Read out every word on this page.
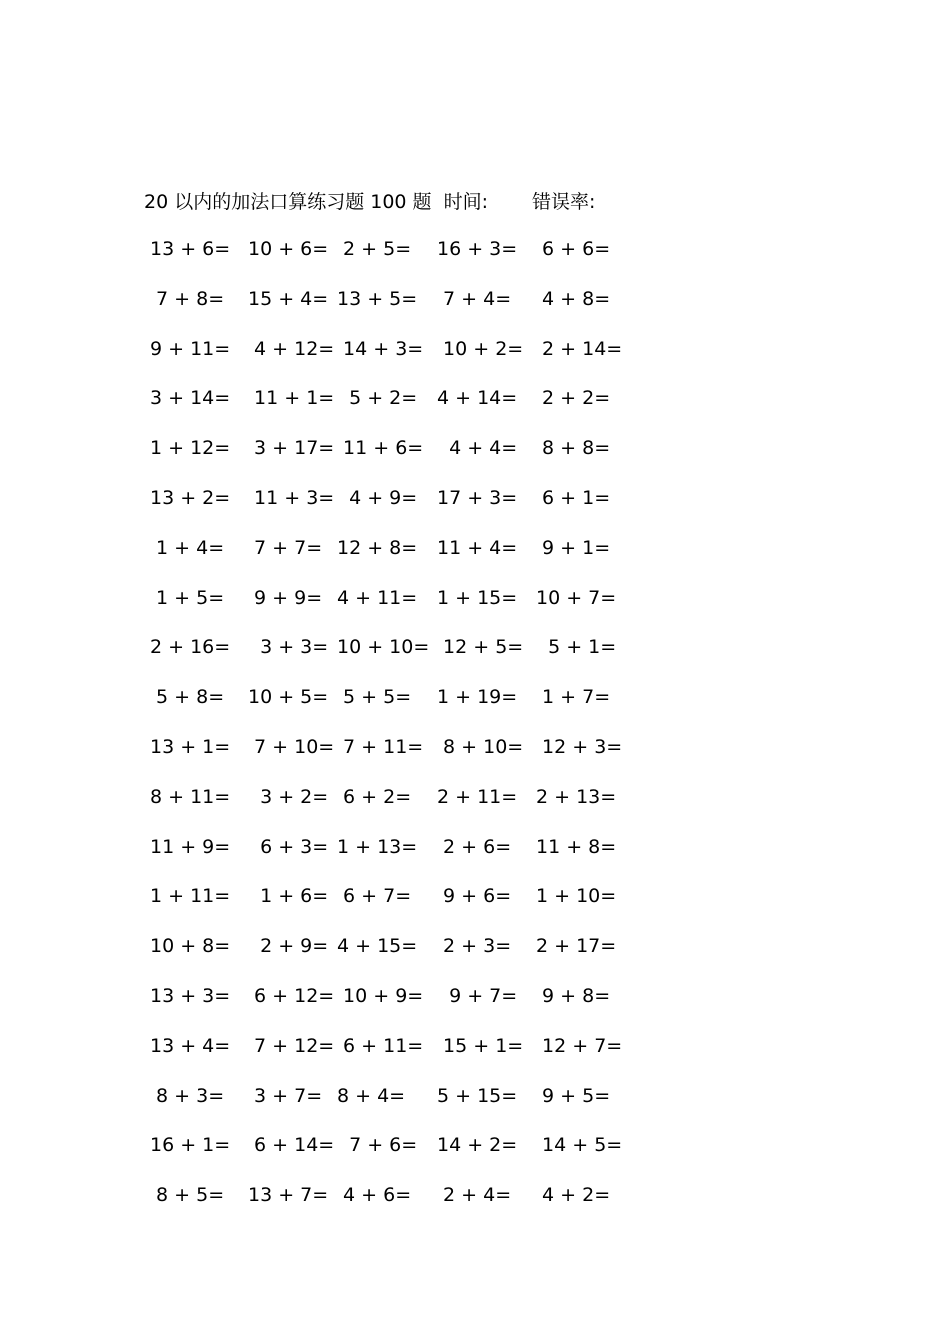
20 以内的加法口算练习题 100 题 时间: 错误率:
13 + 6= 10 + 6= 2 + 5= 16 + 3= 6 + 6=
7 + 8= 15 + 4= 13 + 5= 7 + 4= 4 + 8=
9 + 11= 4 + 12= 14 + 3= 10 + 2= 2 + 14=
3 + 14= 11 + 1= 5 + 2= 4 + 14= 2 + 2=
1 + 12= 3 + 17= 11 + 6= 4 + 4= 8 + 8=
13 + 2= 11 + 3= 4 + 9= 17 + 3= 6 + 1=
1 + 4= 7 + 7= 12 + 8= 11 + 4= 9 + 1=
1 + 5= 9 + 9= 4 + 11= 1 + 15= 10 + 7=
2 + 16= 3 + 3= 10 + 10= 12 + 5= 5 + 1=
5 + 8= 10 + 5= 5 + 5= 1 + 19= 1 + 7=
13 + 1= 7 + 10= 7 + 11= 8 + 10= 12 + 3=
8 + 11= 3 + 2= 6 + 2= 2 + 11= 2 + 13=
11 + 9= 6 + 3= 1 + 13= 2 + 6= 11 + 8=
1 + 11= 1 + 6= 6 + 7= 9 + 6= 1 + 10=
10 + 8= 2 + 9= 4 + 15= 2 + 3= 2 + 17=
13 + 3= 6 + 12= 10 + 9= 9 + 7= 9 + 8=
13 + 4= 7 + 12= 6 + 11= 15 + 1= 12 + 7=
8 + 3= 3 + 7= 8 + 4= 5 + 15= 9 + 5=
16 + 1= 6 + 14= 7 + 6= 14 + 2= 14 + 5=
8 + 5= 13 + 7= 4 + 6= 2 + 4= 4 + 2=
